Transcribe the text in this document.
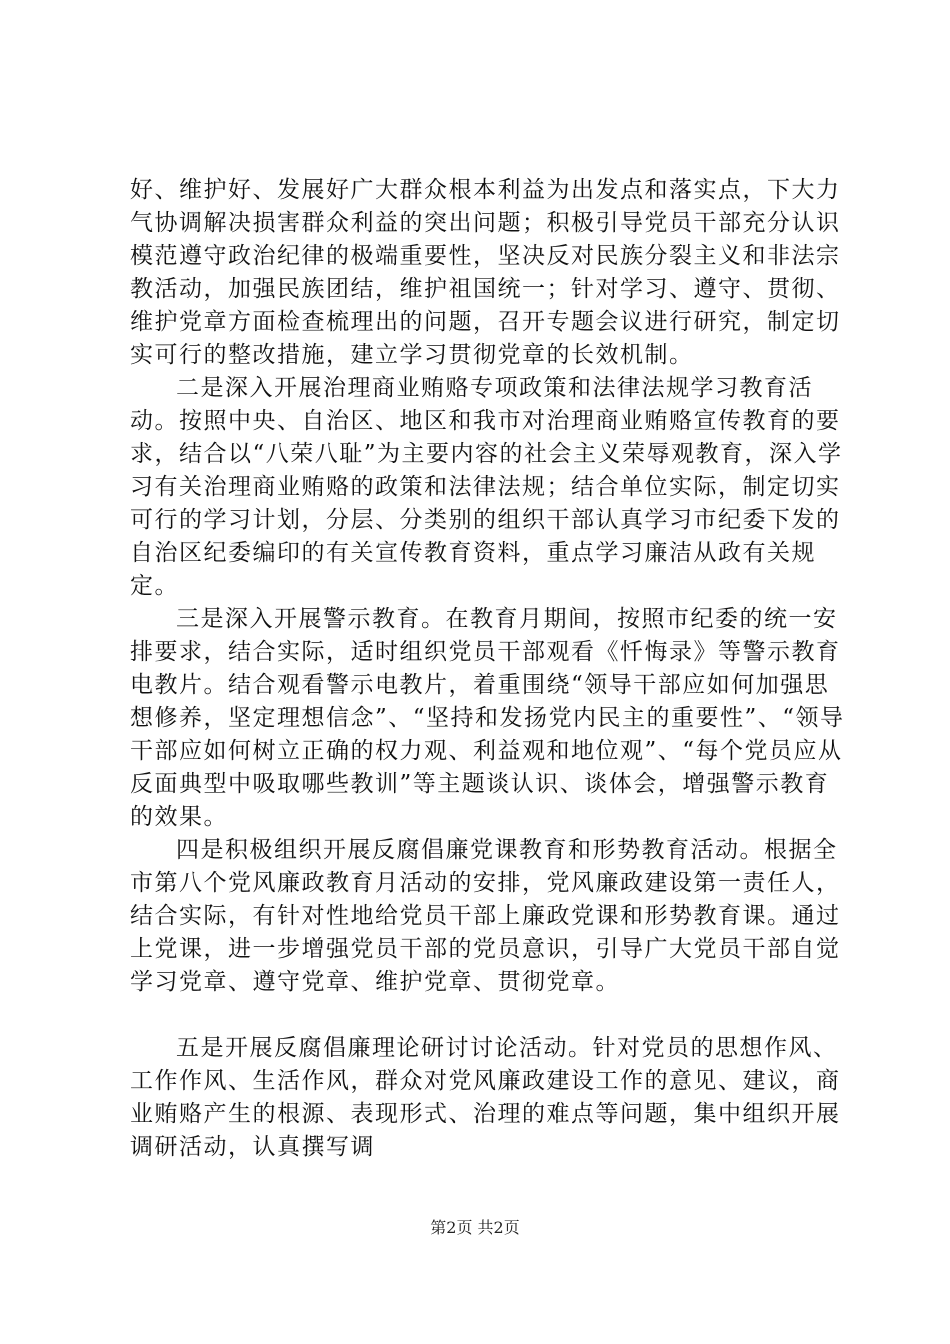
好、维护好、发展好广大群众根本利益为出发点和落实点，下大力气协调解决损害群众利益的突出问题；积极引导党员干部充分认识模范遵守政治纪律的极端重要性，坚决反对民族分裂主义和非法宗教活动，加强民族团结，维护祖国统一；针对学习、遵守、贯彻、维护党章方面检查梳理出的问题，召开专题会议进行研究，制定切实可行的整改措施，建立学习贯彻党章的长效机制。

二是深入开展治理商业贿赂专项政策和法律法规学习教育活动。按照中央、自治区、地区和我市对治理商业贿赂宣传教育的要求，结合以“八荣八耻”为主要内容的社会主义荣辱观教育，深入学习有关治理商业贿赂的政策和法律法规；结合单位实际，制定切实可行的学习计划，分层、分类别的组织干部认真学习市纪委下发的自治区纪委编印的有关宣传教育资料，重点学习廉洁从政有关规定。

三是深入开展警示教育。在教育月期间，按照市纪委的统一安排要求，结合实际，适时组织党员干部观看《忏悔录》等警示教育电教片。结合观看警示电教片，着重围绕“领导干部应如何加强思想修养，坚定理想信念”、“坚持和发扬党内民主的重要性”、“领导干部应如何树立正确的权力观、利益观和地位观”、“每个党员应从反面典型中吸取哪些教训”等主题谈认识、谈体会，增强警示教育的效果。

四是积极组织开展反腐倡廉党课教育和形势教育活动。根据全市第八个党风廉政教育月活动的安排，党风廉政建设第一责任人，结合实际，有针对性地给党员干部上廉政党课和形势教育课。通过上党课，进一步增强党员干部的党员意识，引导广大党员干部自觉学习党章、遵守党章、维护党章、贯彻党章。

五是开展反腐倡廉理论研讨讨论活动。针对党员的思想作风、工作作风、生活作风，群众对党风廉政建设工作的意见、建议，商业贿赂产生的根源、表现形式、治理的难点等问题，集中组织开展调研活动，认真撰写调

第2页 共2页
